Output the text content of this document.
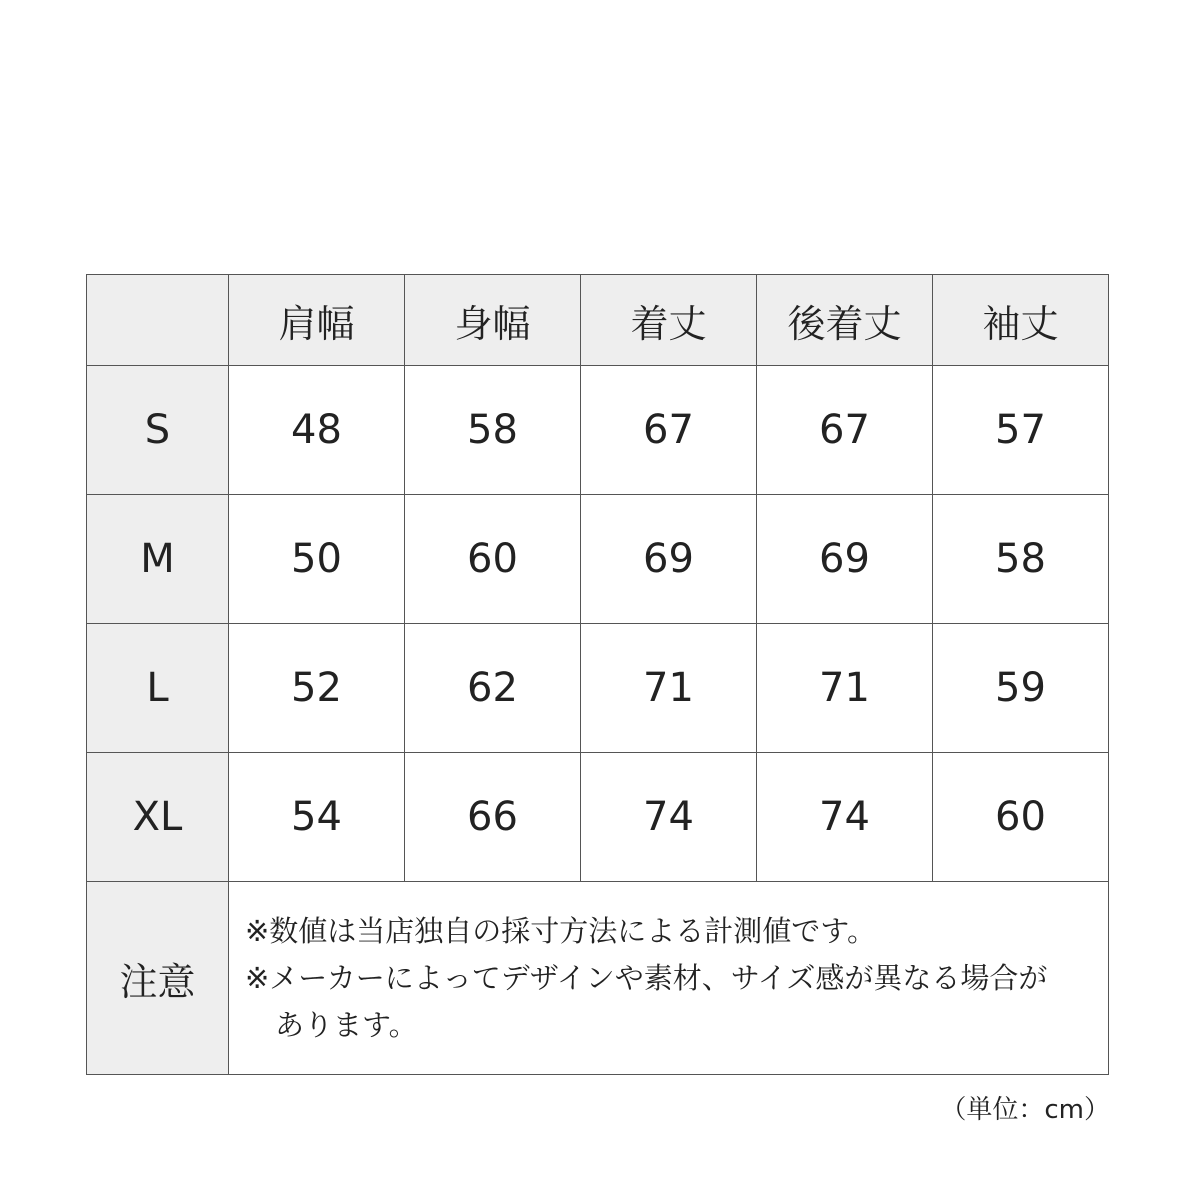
	肩幅	身幅	着丈	後着丈	袖丈
S	48	58	67	67	57
M	50	60	69	69	58
L	52	62	71	71	59
XL	54	66	74	74	60
注意	※数値は当店独自の採寸方法による計測値です。
※メーカーによってデザインや素材、サイズ感が異なる場合が
あります。				
（単位：cm）
